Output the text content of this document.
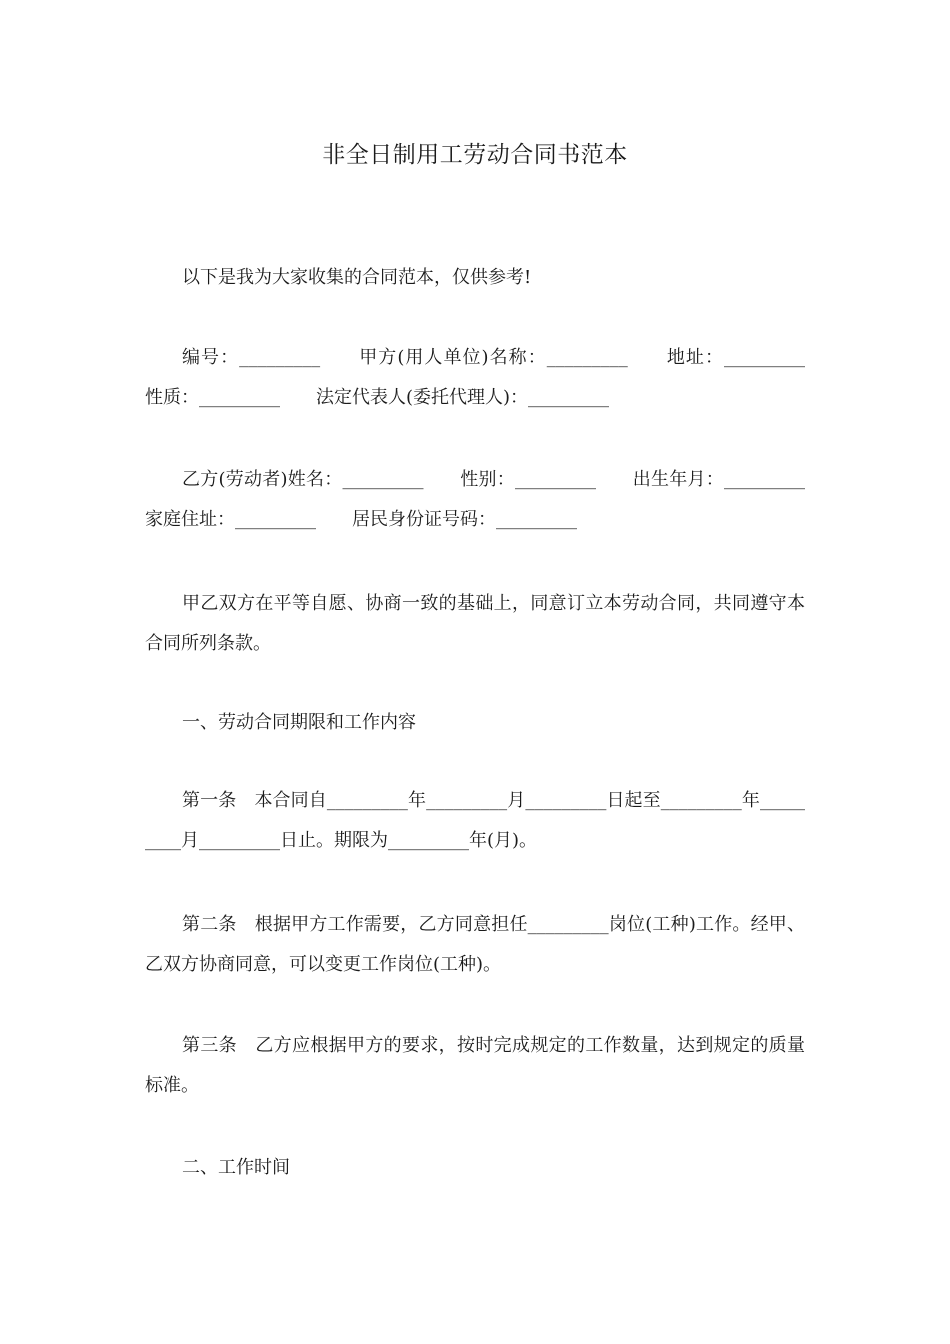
非全日制用工劳动合同书范本
以下是我为大家收集的合同范本，仅供参考!
编号：_________　　甲方(用人单位)名称：_________　　地址：_________　性质：_________　　法定代表人(委托代理人)：_________
乙方(劳动者)姓名：_________　　性别：_________　　出生年月：_________　　家庭住址：_________　　居民身份证号码：_________
甲乙双方在平等自愿、协商一致的基础上，同意订立本劳动合同，共同遵守本合同所列条款。
一、劳动合同期限和工作内容
第一条　本合同自_________年_________月_________日起至_________年_________月_________日止。期限为_________年(月)。
第二条　根据甲方工作需要，乙方同意担任_________岗位(工种)工作。经甲、乙双方协商同意，可以变更工作岗位(工种)。
第三条　乙方应根据甲方的要求，按时完成规定的工作数量，达到规定的质量标准。
二、工作时间
